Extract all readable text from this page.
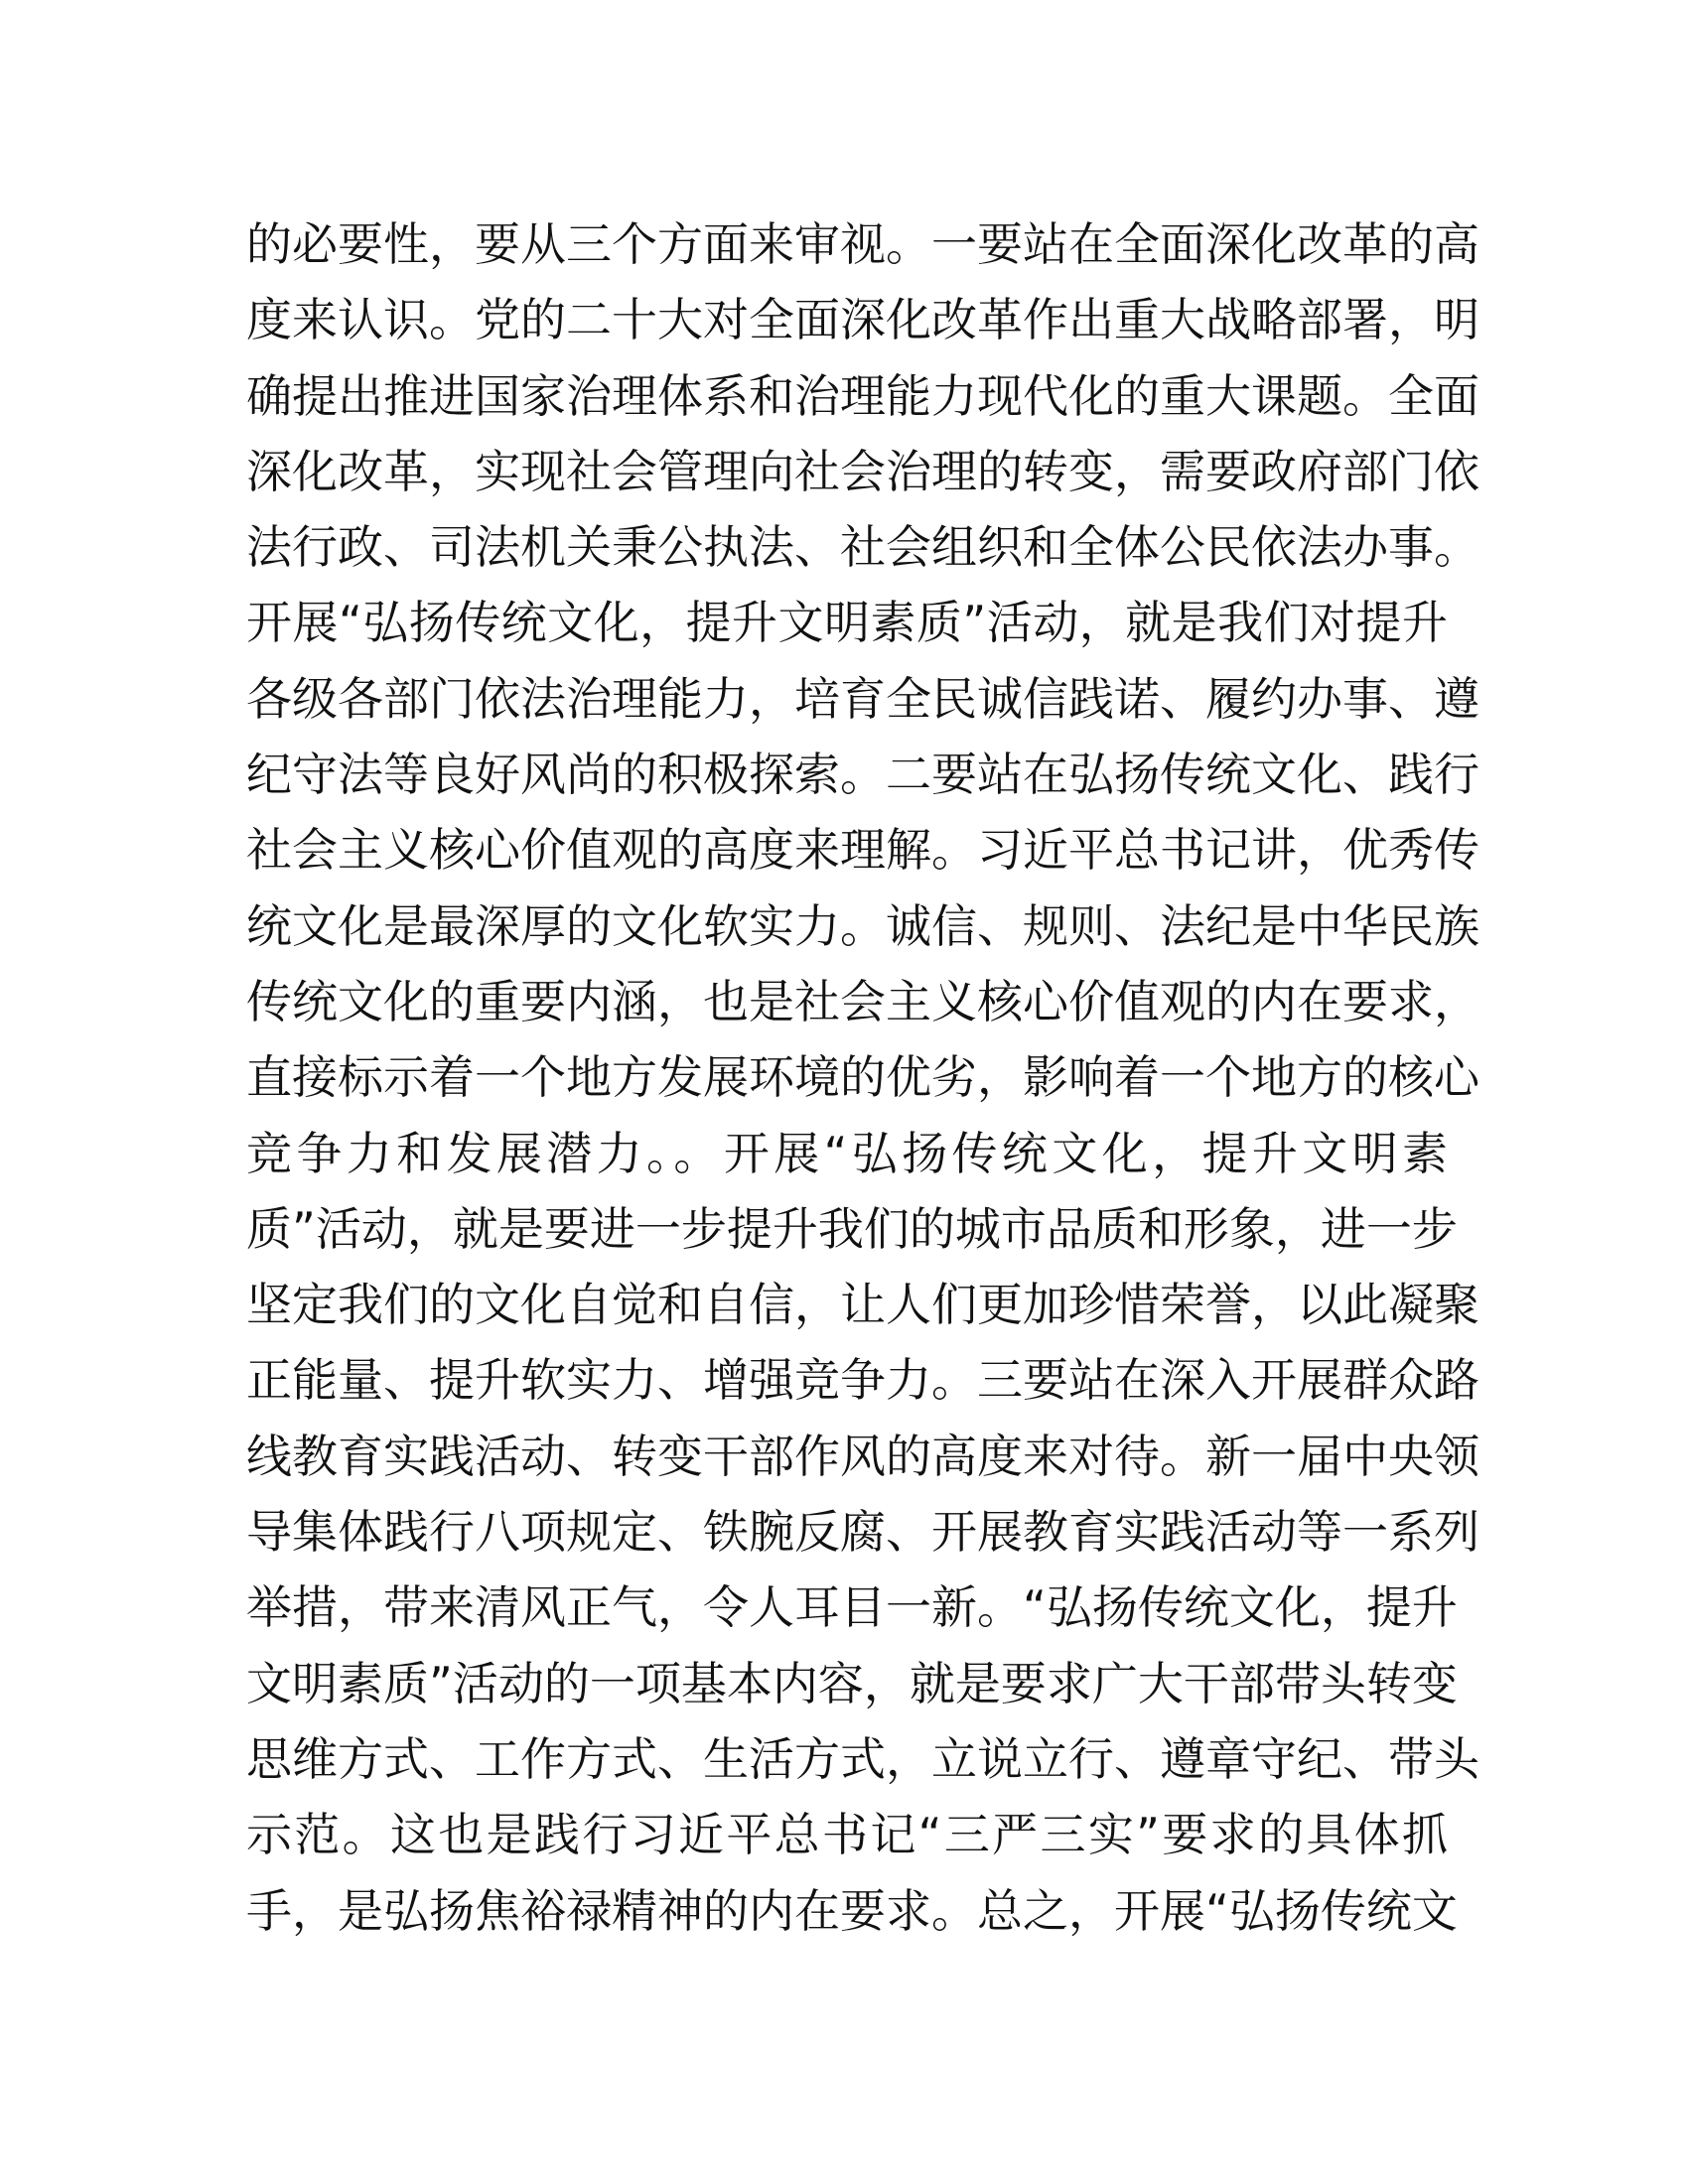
的必要性，要从三个方面来审视。一要站在全面深化改革的高
度来认识。党的二十大对全面深化改革作出重大战略部署，明
确提出推进国家治理体系和治理能力现代化的重大课题。全面
深化改革，实现社会管理向社会治理的转变，需要政府部门依
法行政、司法机关秉公执法、社会组织和全体公民依法办事。
开展“弘扬传统文化，提升文明素质”活动，就是我们对提升
各级各部门依法治理能力，培育全民诚信践诺、履约办事、遵
纪守法等良好风尚的积极探索。二要站在弘扬传统文化、践行
社会主义核心价值观的高度来理解。习近平总书记讲，优秀传
统文化是最深厚的文化软实力。诚信、规则、法纪是中华民族
传统文化的重要内涵，也是社会主义核心价值观的内在要求，
直接标示着一个地方发展环境的优劣，影响着一个地方的核心
竞争力和发展潜力。。开展“弘扬传统文化，提升文明素
质”活动，就是要进一步提升我们的城市品质和形象，进一步
坚定我们的文化自觉和自信，让人们更加珍惜荣誉，以此凝聚
正能量、提升软实力、增强竞争力。三要站在深入开展群众路
线教育实践活动、转变干部作风的高度来对待。新一届中央领
导集体践行八项规定、铁腕反腐、开展教育实践活动等一系列
举措，带来清风正气，令人耳目一新。“弘扬传统文化，提升
文明素质”活动的一项基本内容，就是要求广大干部带头转变
思维方式、工作方式、生活方式，立说立行、遵章守纪、带头
示范。这也是践行习近平总书记“三严三实”要求的具体抓
手，是弘扬焦裕禄精神的内在要求。总之，开展“弘扬传统文
